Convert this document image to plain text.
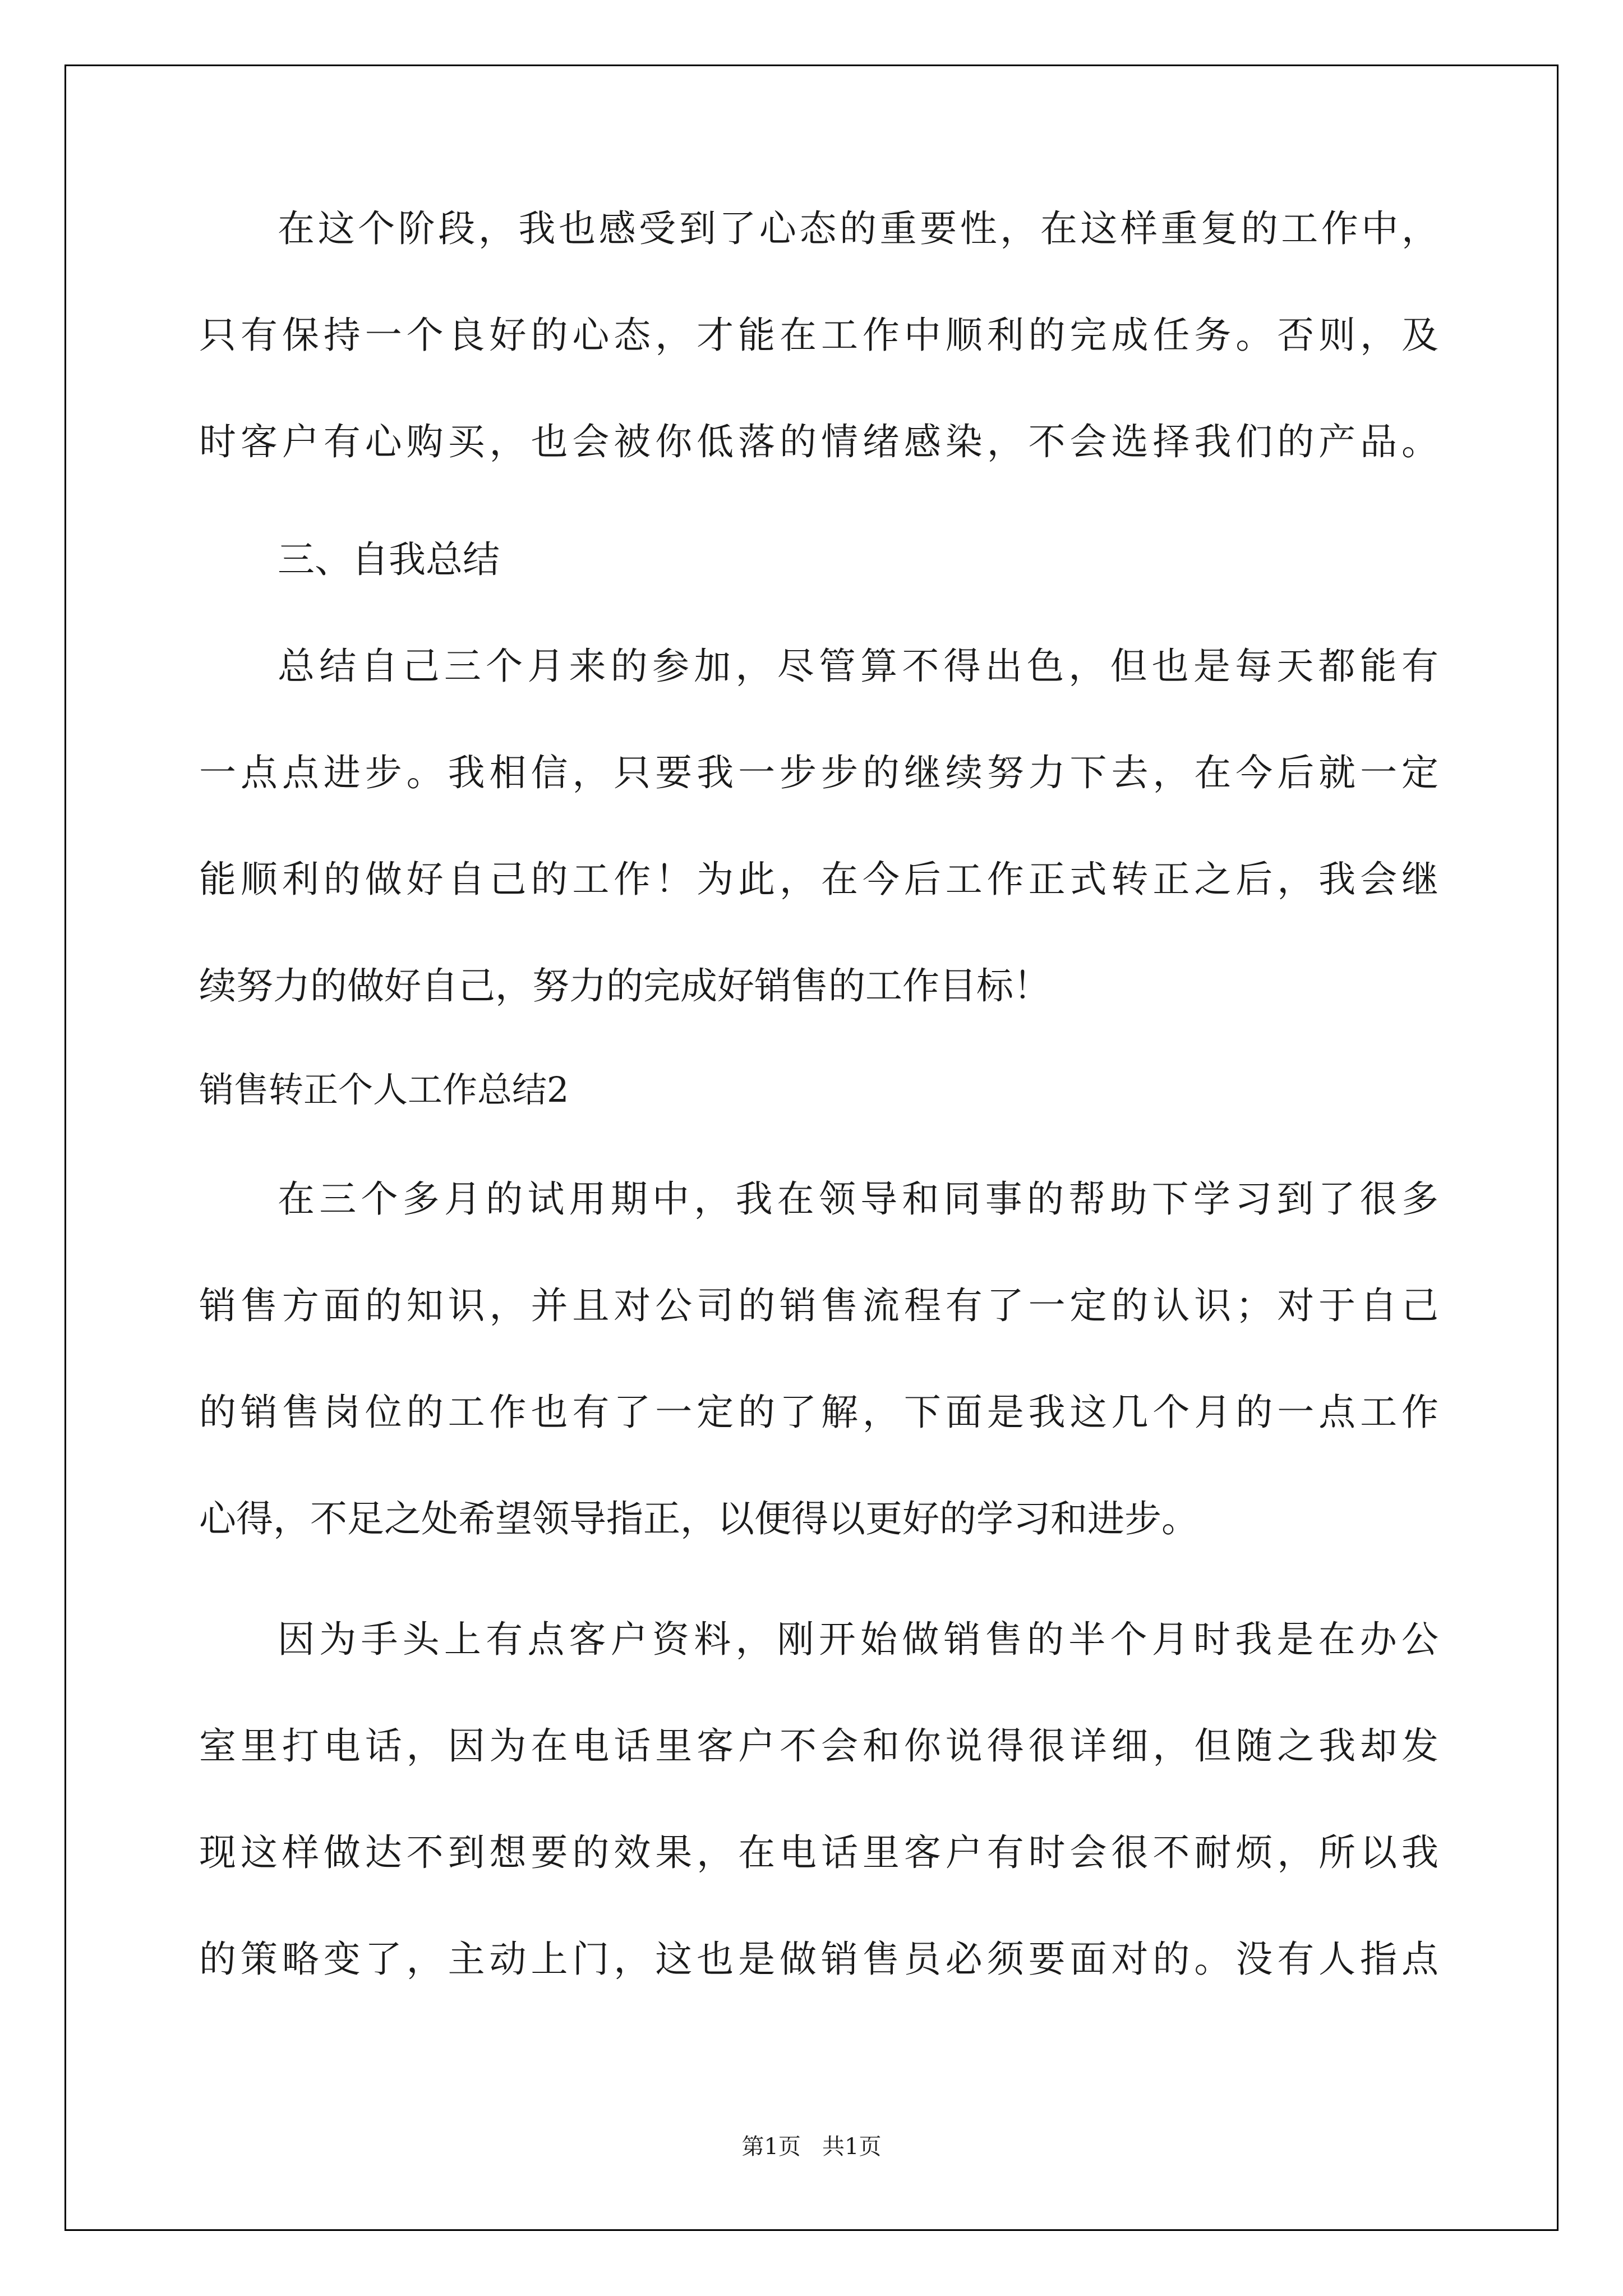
在这个阶段，我也感受到了心态的重要性，在这样重复的工作中，
只有保持一个良好的心态，才能在工作中顺利的完成任务。否则，及
时客户有心购买，也会被你低落的情绪感染，不会选择我们的产品。
三、自我总结
总结自己三个月来的参加，尽管算不得出色，但也是每天都能有
一点点进步。我相信，只要我一步步的继续努力下去，在今后就一定
能顺利的做好自己的工作！为此，在今后工作正式转正之后，我会继
续努力的做好自己，努力的完成好销售的工作目标！
销售转正个人工作总结2
在三个多月的试用期中，我在领导和同事的帮助下学习到了很多
销售方面的知识，并且对公司的销售流程有了一定的认识；对于自己
的销售岗位的工作也有了一定的了解，下面是我这几个月的一点工作
心得，不足之处希望领导指正，以便得以更好的学习和进步。
因为手头上有点客户资料，刚开始做销售的半个月时我是在办公
室里打电话，因为在电话里客户不会和你说得很详细，但随之我却发
现这样做达不到想要的效果，在电话里客户有时会很不耐烦，所以我
的策略变了，主动上门，这也是做销售员必须要面对的。没有人指点
第1页   共1页
